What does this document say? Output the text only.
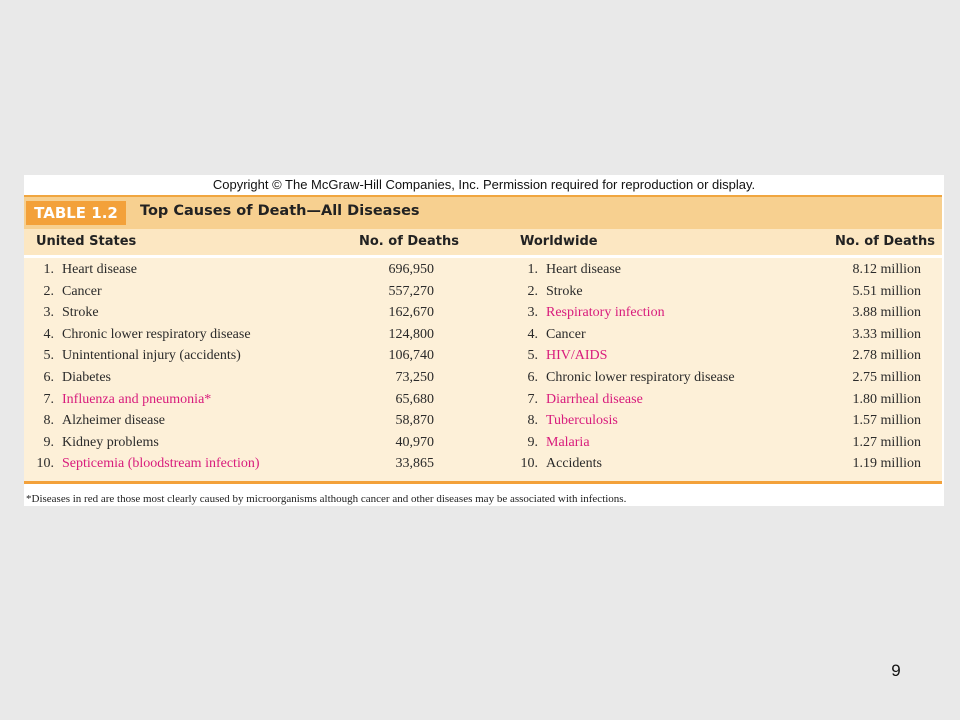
Copyright © The McGraw-Hill Companies, Inc. Permission required for reproduction or display.
TABLE 1.2	Top Causes of Death—All Diseases
United States	No. of Deaths	Worldwide	No. of Deaths
1. Heart disease	696,950	1. Heart disease	8.12 million
2. Cancer	557,270	2. Stroke	5.51 million
3. Stroke	162,670	3. Respiratory infection	3.88 million
4. Chronic lower respiratory disease	124,800	4. Cancer	3.33 million
5. Unintentional injury (accidents)	106,740	5. HIV/AIDS	2.78 million
6. Diabetes	73,250	6. Chronic lower respiratory disease	2.75 million
7. Influenza and pneumonia*	65,680	7. Diarrheal disease	1.80 million
8. Alzheimer disease	58,870	8. Tuberculosis	1.57 million
9. Kidney problems	40,970	9. Malaria	1.27 million
10. Septicemia (bloodstream infection)	33,865	10. Accidents	1.19 million
*Diseases in red are those most clearly caused by microorganisms although cancer and other diseases may be associated with infections.
9
